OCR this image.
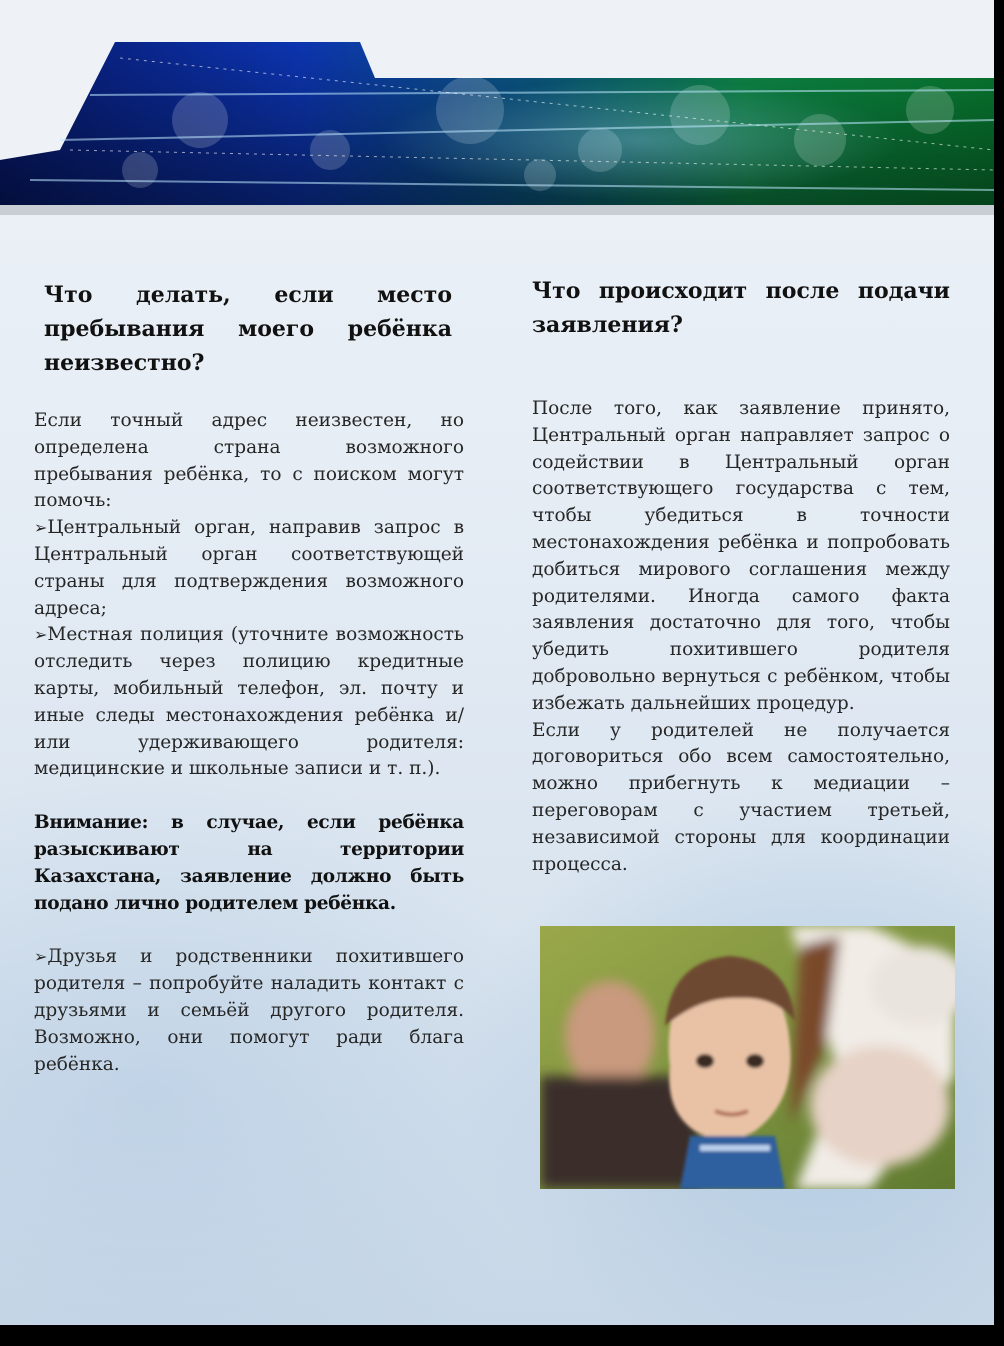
Что делать, если место пребывания моего ребёнка неизвестно?

Если точный адрес неизвестен, но определена страна возможного пребывания ребёнка, то с поиском могут помочь:

➢Центральный орган, направив запрос в Центральный орган соответствующей страны для подтверждения возможного адреса;

➢Местная полиция (уточните возможность отследить через полицию кредитные карты, мобильный телефон, эл. почту и иные следы местонахождения ребёнка и/или удерживающего родителя: медицинские и школьные записи и т. п.).

Внимание: в случае, если ребёнка разыскивают на территории Казахстана, заявление должно быть подано лично родителем ребёнка.

➢Друзья и родственники похитившего родителя – попробуйте наладить контакт с друзьями и семьёй другого родителя. Возможно, они помогут ради блага ребёнка.

Что происходит после подачи заявления?

После того, как заявление принято, Центральный орган направляет запрос о содействии в Центральный орган соответствующего государства с тем, чтобы убедиться в точности местонахождения ребёнка и попробовать добиться мирового соглашения между родителями. Иногда самого факта заявления достаточно для того, чтобы убедить похитившего родителя добровольно вернуться с ребёнком, чтобы избежать дальнейших процедур.

Если у родителей не получается договориться обо всем самостоятельно, можно прибегнуть к медиации – переговорам с участием третьей, независимой стороны для координации процесса.
